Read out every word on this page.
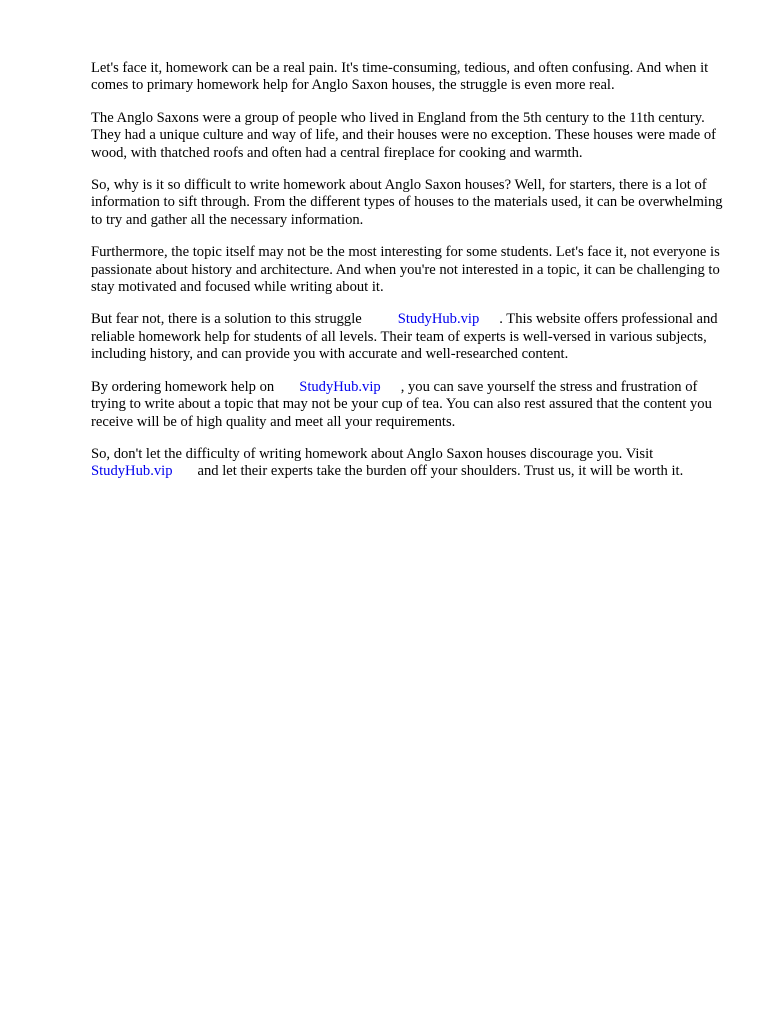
Let's face it, homework can be a real pain. It's time-consuming, tedious, and often confusing. And when it comes to primary homework help for Anglo Saxon houses, the struggle is even more real.

The Anglo Saxons were a group of people who lived in England from the 5th century to the 11th century. They had a unique culture and way of life, and their houses were no exception. These houses were made of wood, with thatched roofs and often had a central fireplace for cooking and warmth.

So, why is it so difficult to write homework about Anglo Saxon houses? Well, for starters, there is a lot of information to sift through. From the different types of houses to the materials used, it can be overwhelming to try and gather all the necessary information.

Furthermore, the topic itself may not be the most interesting for some students. Let's face it, not everyone is passionate about history and architecture. And when you're not interested in a topic, it can be challenging to stay motivated and focused while writing about it.

But fear not, there is a solution to this struggle StudyHub.vip . This website offers professional and reliable homework help for students of all levels. Their team of experts is well-versed in various subjects, including history, and can provide you with accurate and well-researched content.

By ordering homework help on StudyHub.vip , you can save yourself the stress and frustration of trying to write about a topic that may not be your cup of tea. You can also rest assured that the content you receive will be of high quality and meet all your requirements.

So, don't let the difficulty of writing homework about Anglo Saxon houses discourage you. Visit StudyHub.vip and let their experts take the burden off your shoulders. Trust us, it will be worth it.
